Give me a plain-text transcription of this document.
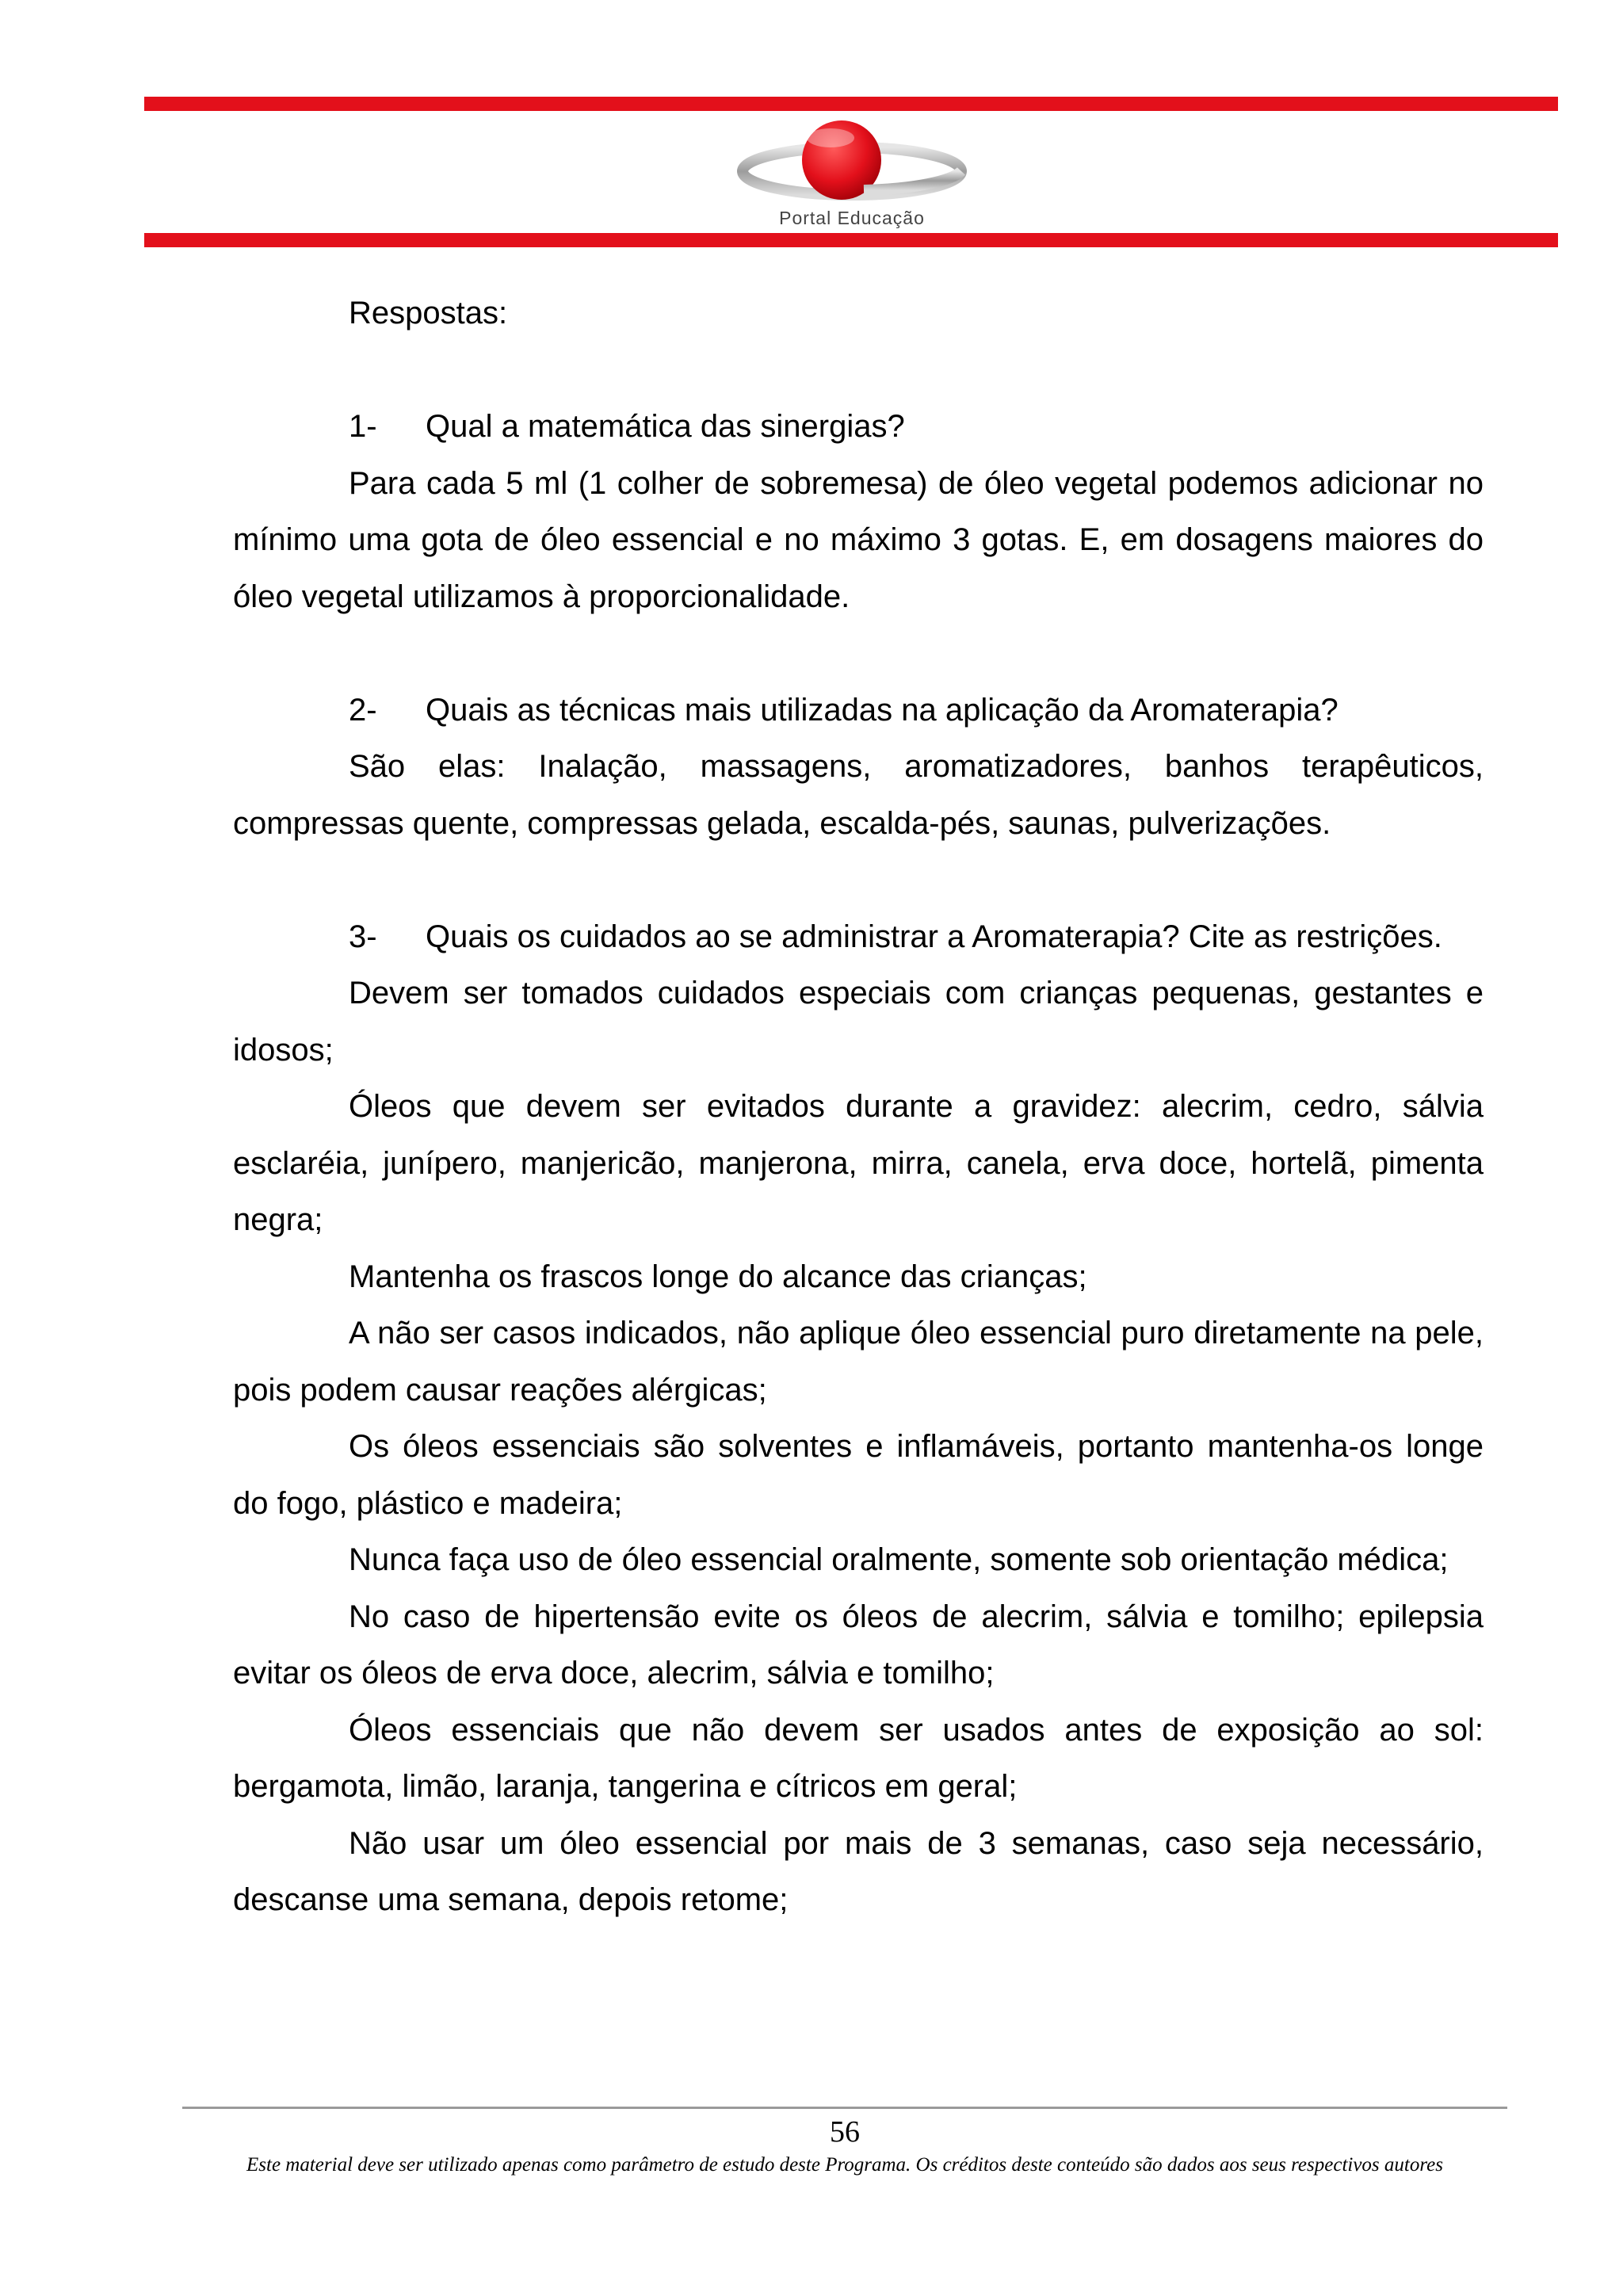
Portal Educação

Respostas:

1-	Qual a matemática das sinergias?

Para cada 5 ml (1 colher de sobremesa) de óleo vegetal podemos adicionar no mínimo uma gota de óleo essencial e no máximo 3 gotas. E, em dosagens maiores do óleo vegetal utilizamos à proporcionalidade.

2-	Quais as técnicas mais utilizadas na aplicação da Aromaterapia?

São elas: Inalação, massagens, aromatizadores, banhos terapêuticos, compressas quente, compressas gelada, escalda-pés, saunas, pulverizações.

3-	Quais os cuidados ao se administrar a Aromaterapia? Cite as restrições.

Devem ser tomados cuidados especiais com crianças pequenas, gestantes e idosos;

Óleos que devem ser evitados durante a gravidez: alecrim, cedro, sálvia esclaréia, junípero, manjericão, manjerona, mirra, canela, erva doce, hortelã, pimenta negra;

Mantenha os frascos longe do alcance das crianças;

A não ser casos indicados, não aplique óleo essencial puro diretamente na pele, pois podem causar reações alérgicas;

Os óleos essenciais são solventes e inflamáveis, portanto mantenha-os longe do fogo, plástico e madeira;

Nunca faça uso de óleo essencial oralmente, somente sob orientação médica;

No caso de hipertensão evite os óleos de alecrim, sálvia e tomilho; epilepsia evitar os óleos de erva doce, alecrim, sálvia e tomilho;

Óleos essenciais que não devem ser usados antes de exposição ao sol: bergamota, limão, laranja, tangerina e cítricos em geral;

Não usar um óleo essencial por mais de 3 semanas, caso seja necessário, descanse uma semana, depois retome;

56
Este material deve ser utilizado apenas como parâmetro de estudo deste Programa. Os créditos deste conteúdo são dados aos seus respectivos autores
